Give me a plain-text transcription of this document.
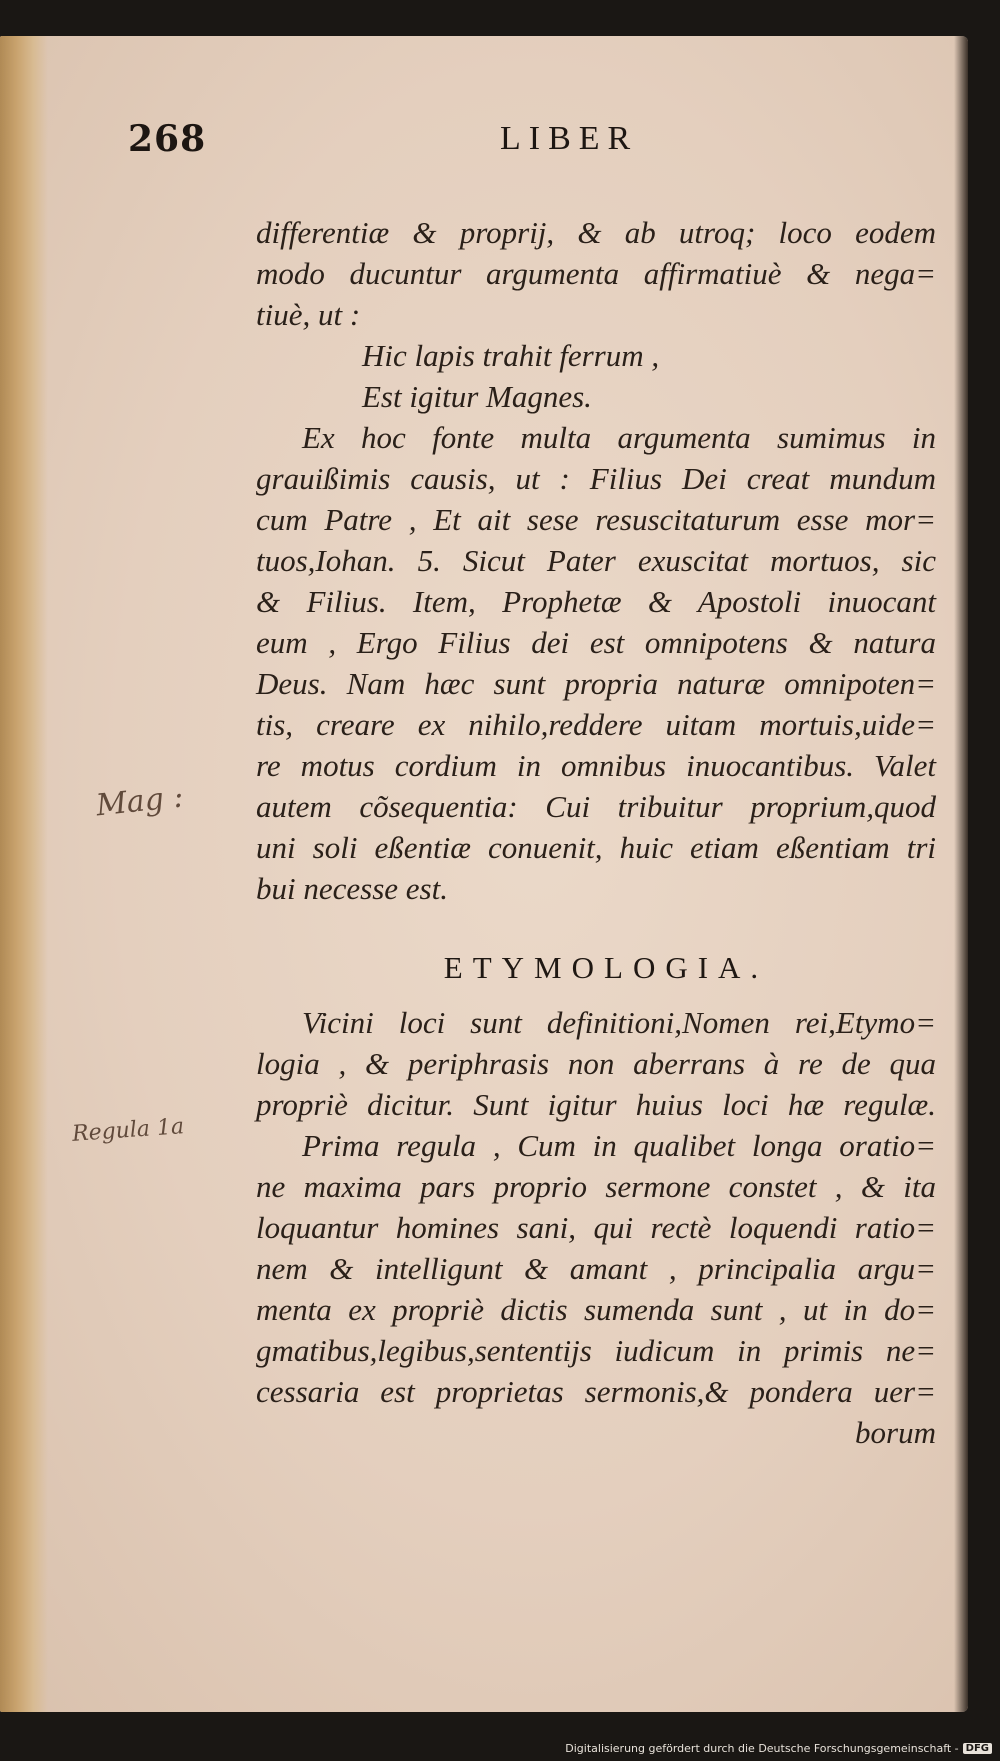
268	LIBER
Mag :
Regula 1a
differentiæ & proprij, & ab utroq; loco eodem
modo ducuntur argumenta affirmatiuè & nega=
tiuè, ut :
Hic lapis trahit ferrum ,
Est igitur Magnes.
Ex hoc fonte multa argumenta sumimus in
grauißimis causis, ut : Filius Dei creat mundum
cum Patre , Et ait sese resuscitaturum esse mor=
tuos,Iohan. 5. Sicut Pater exuscitat mortuos, sic
& Filius. Item, Prophetæ & Apostoli inuocant
eum , Ergo Filius dei est omnipotens & natura
Deus. Nam hæc sunt propria naturæ omnipoten=
tis, creare ex nihilo,reddere uitam mortuis,uide=
re motus cordium in omnibus inuocantibus. Valet
autem cõsequentia: Cui tribuitur proprium,quod
uni soli eßentiæ conuenit, huic etiam eßentiam tri
bui necesse est.
ETYMOLOGIA.
Vicini loci sunt definitioni,Nomen rei,Etymo=
logia , & periphrasis non aberrans à re de qua
propriè dicitur. Sunt igitur huius loci hæ regulæ.
Prima regula , Cum in qualibet longa oratio=
ne maxima pars proprio sermone constet , & ita
loquantur homines sani, qui rectè loquendi ratio=
nem & intelligunt & amant , principalia argu=
menta ex propriè dictis sumenda sunt , ut in do=
gmatibus,legibus,sententijs iudicum in primis ne=
cessaria est proprietas sermonis,& pondera uer=
borum
Digitalisierung gefördert durch die Deutsche Forschungsgemeinschaft - DFG
